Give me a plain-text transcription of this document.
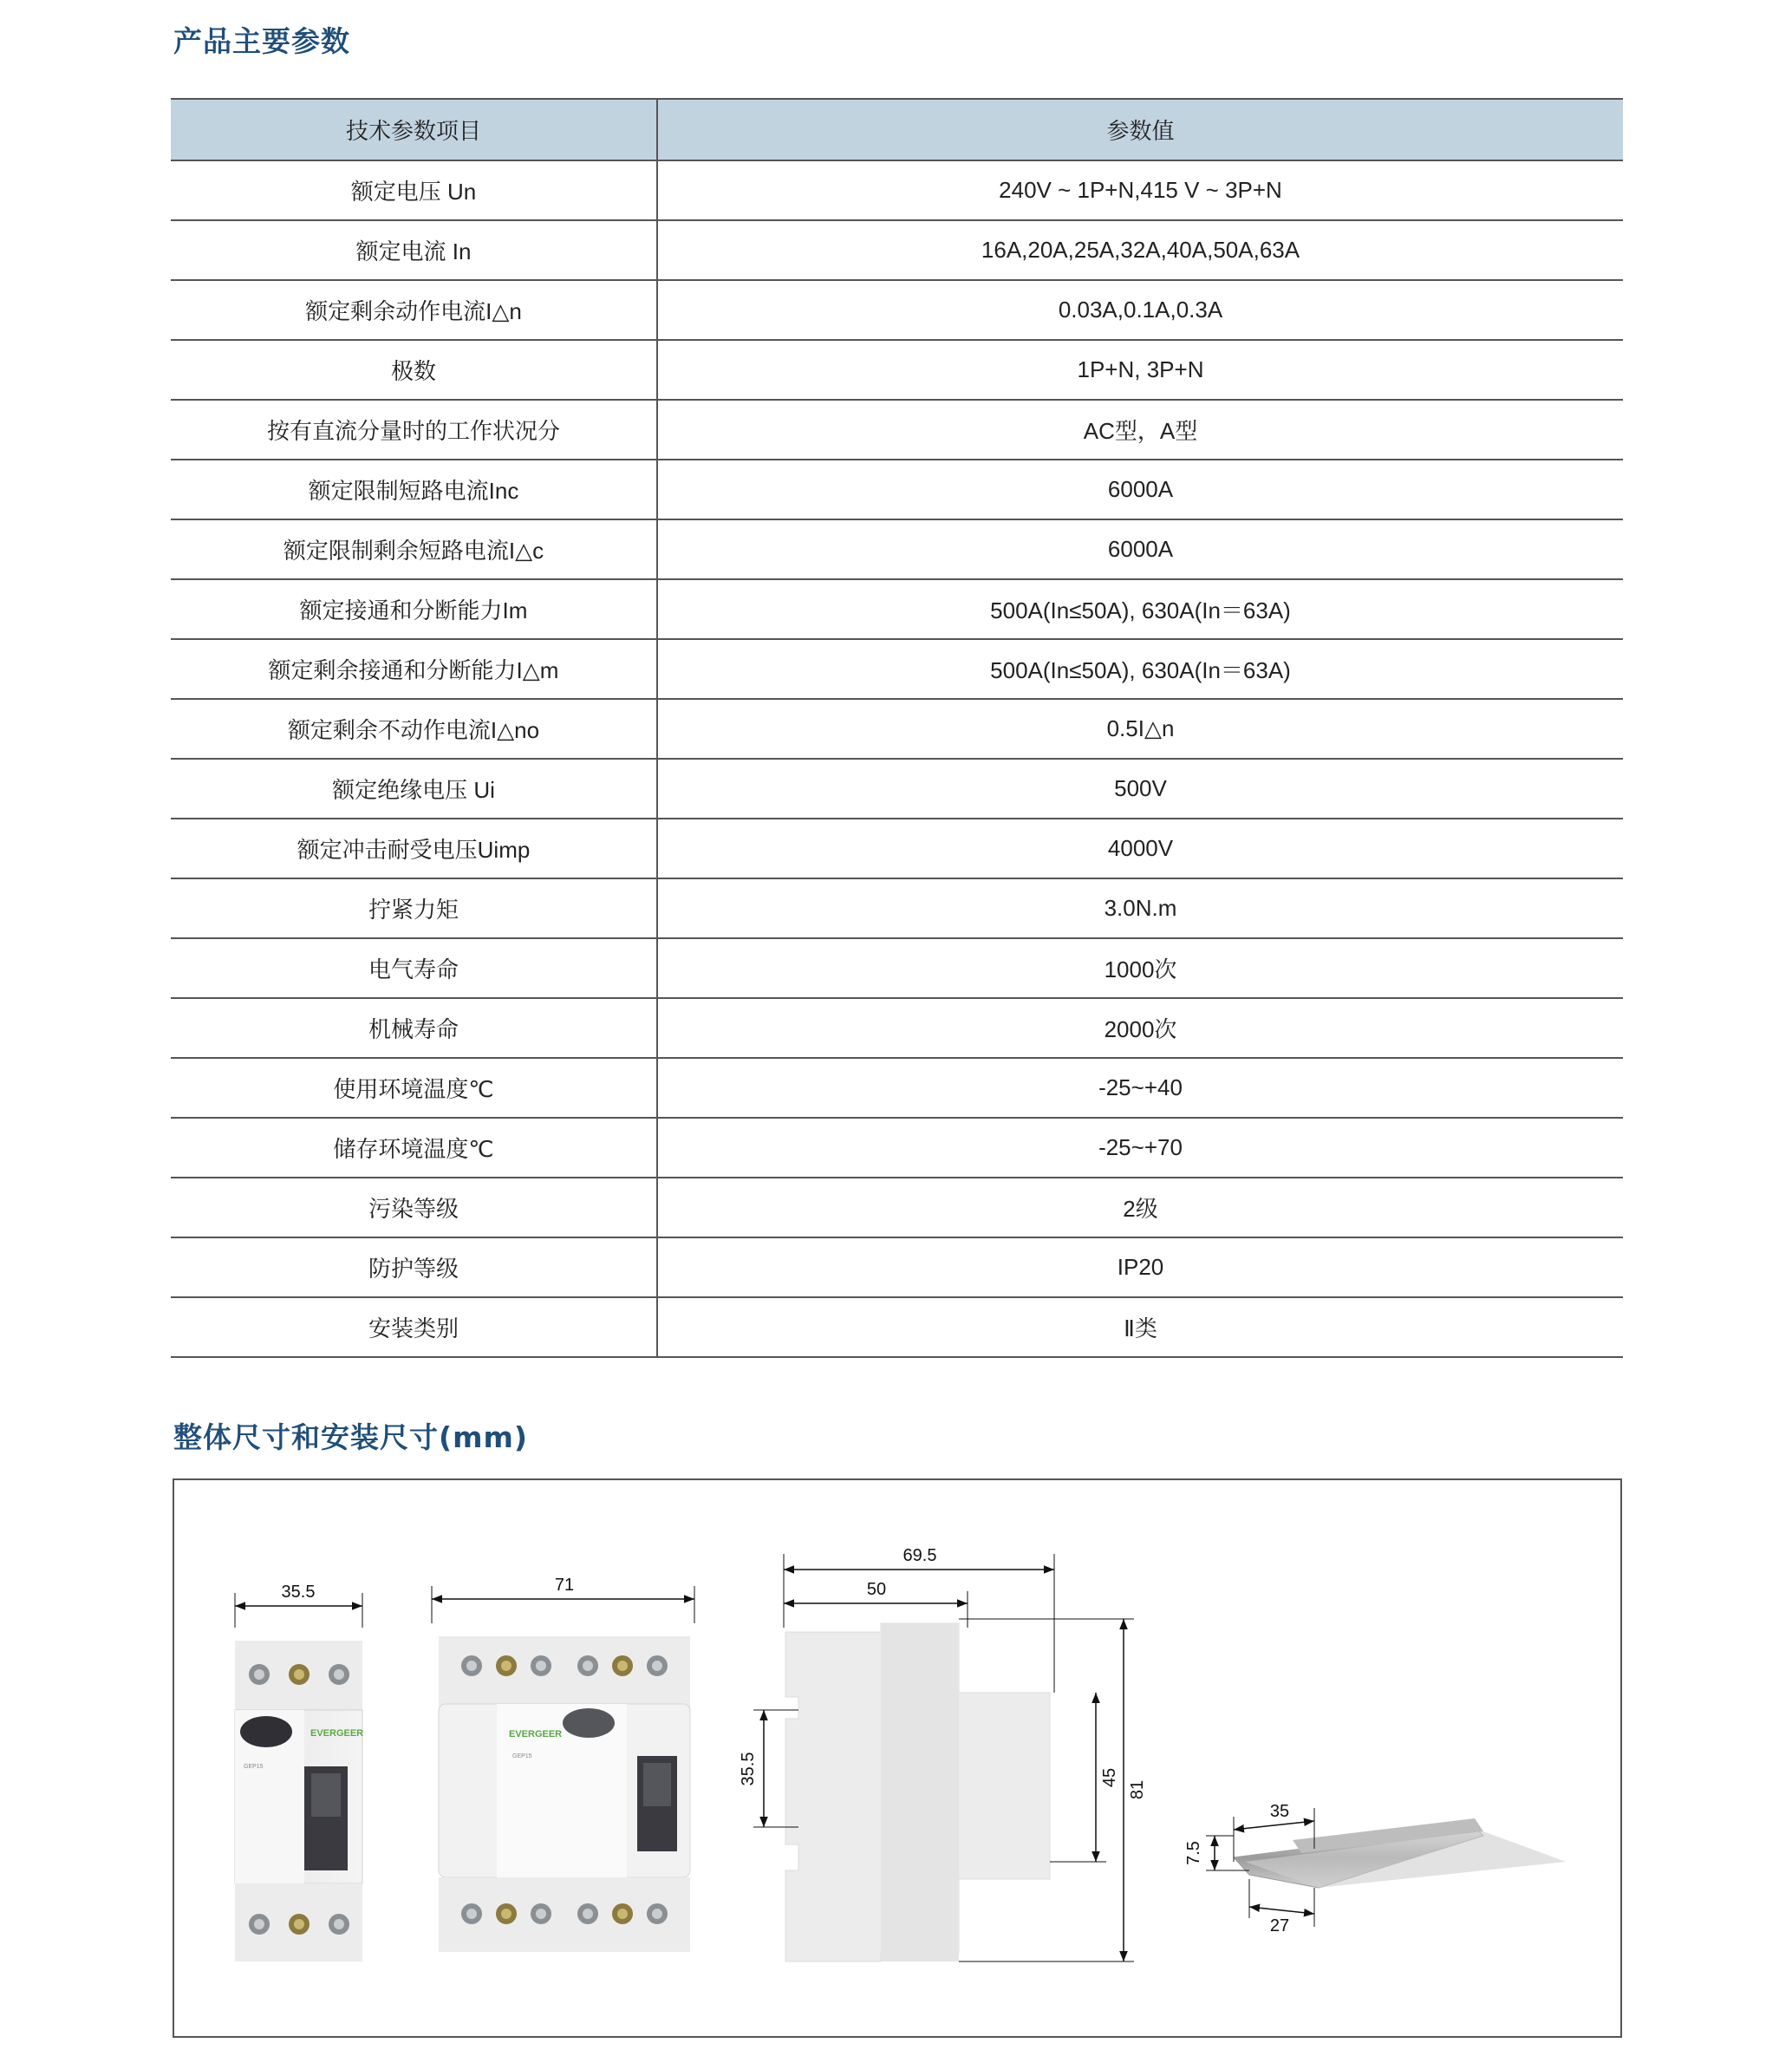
产品主要参数
技术参数项目	参数值
额定电压 Un	240V ~ 1P+N,415 V ~ 3P+N
额定电流 In	16A,20A,25A,32A,40A,50A,63A
额定剩余动作电流I△n	0.03A,0.1A,0.3A
极数	1P+N, 3P+N
按有直流分量时的工作状况分	AC型，A型
额定限制短路电流Inc	6000A
额定限制剩余短路电流I△c	6000A
额定接通和分断能力Im	500A(In≤50A), 630A(In＝63A)
额定剩余接通和分断能力I△m	500A(In≤50A), 630A(In＝63A)
额定剩余不动作电流I△no	0.5I△n
额定绝缘电压 Ui	500V
额定冲击耐受电压Uimp	4000V
拧紧力矩	3.0N.m
电气寿命	1000次
机械寿命	2000次
使用环境温度℃	-25~+40
储存环境温度℃	-25~+70
污染等级	2级
防护等级	IP20
安装类别	Ⅱ类
整体尺寸和安装尺寸(mm)
35.5
EVERGEER
GEP15
71
EVERGEER
GEP15
69.5
50
35.5	45
81
35
7.5
27
